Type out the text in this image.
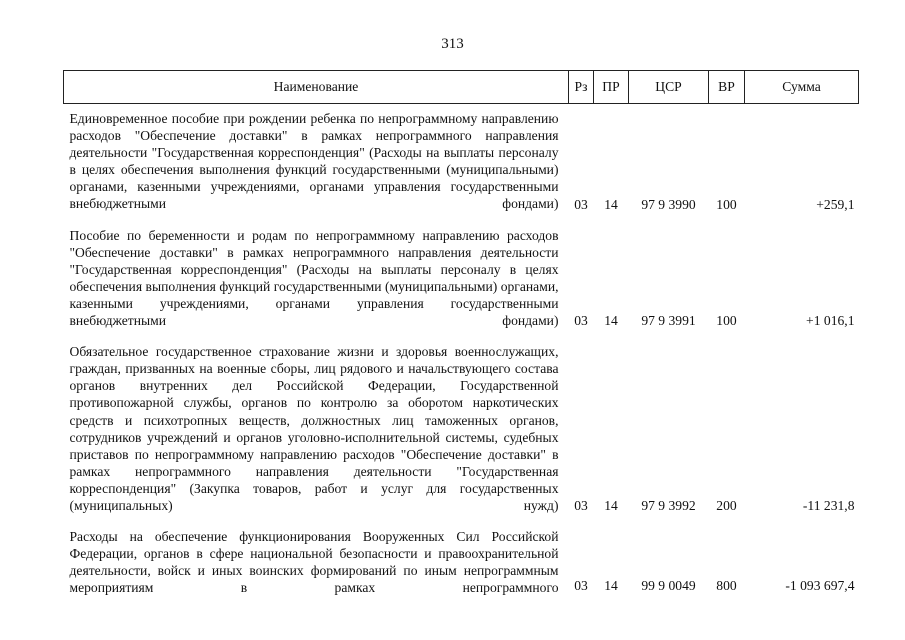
313
Наименование	Рз	ПР	ЦСР	ВР	Сумма
Единовременное пособие при рождении ребенка по непрограммному направлению расходов "Обеспечение доставки" в рамках непрограммного направления деятельности "Государственная корреспонденция" (Расходы на выплаты персоналу в целях обеспечения выполнения функций государственными (муниципальными) органами, казенными учреждениями, органами управления государственными внебюджетными фондами)	03	14	97 9 3990	100	+259,1
Пособие по беременности и родам по непрограммному направлению расходов "Обеспечение доставки" в рамках непрограммного направления деятельности "Государственная корреспонденция" (Расходы на выплаты персоналу в целях обеспечения выполнения функций государственными (муниципальными) органами, казенными учреждениями, органами управления государственными внебюджетными фондами)	03	14	97 9 3991	100	+1 016,1
Обязательное государственное страхование жизни и здоровья военнослужащих, граждан, призванных на военные сборы, лиц рядового и начальствующего состава органов внутренних дел Российской Федерации, Государственной противопожарной службы, органов по контролю за оборотом наркотических средств и психотропных веществ, должностных лиц таможенных органов, сотрудников учреждений и органов уголовно-исполнительной системы, судебных приставов по непрограммному направлению расходов "Обеспечение доставки" в рамках непрограммного направления деятельности "Государственная корреспонденция" (Закупка товаров, работ и услуг для государственных (муниципальных) нужд)	03	14	97 9 3992	200	-11 231,8
Расходы на обеспечение функционирования Вооруженных Сил Российской Федерации, органов в сфере национальной безопасности и правоохранительной деятельности, войск и иных воинских формирований по иным непрограммным мероприятиям в рамках непрограммного	03	14	99 9 0049	800	-1 093 697,4
